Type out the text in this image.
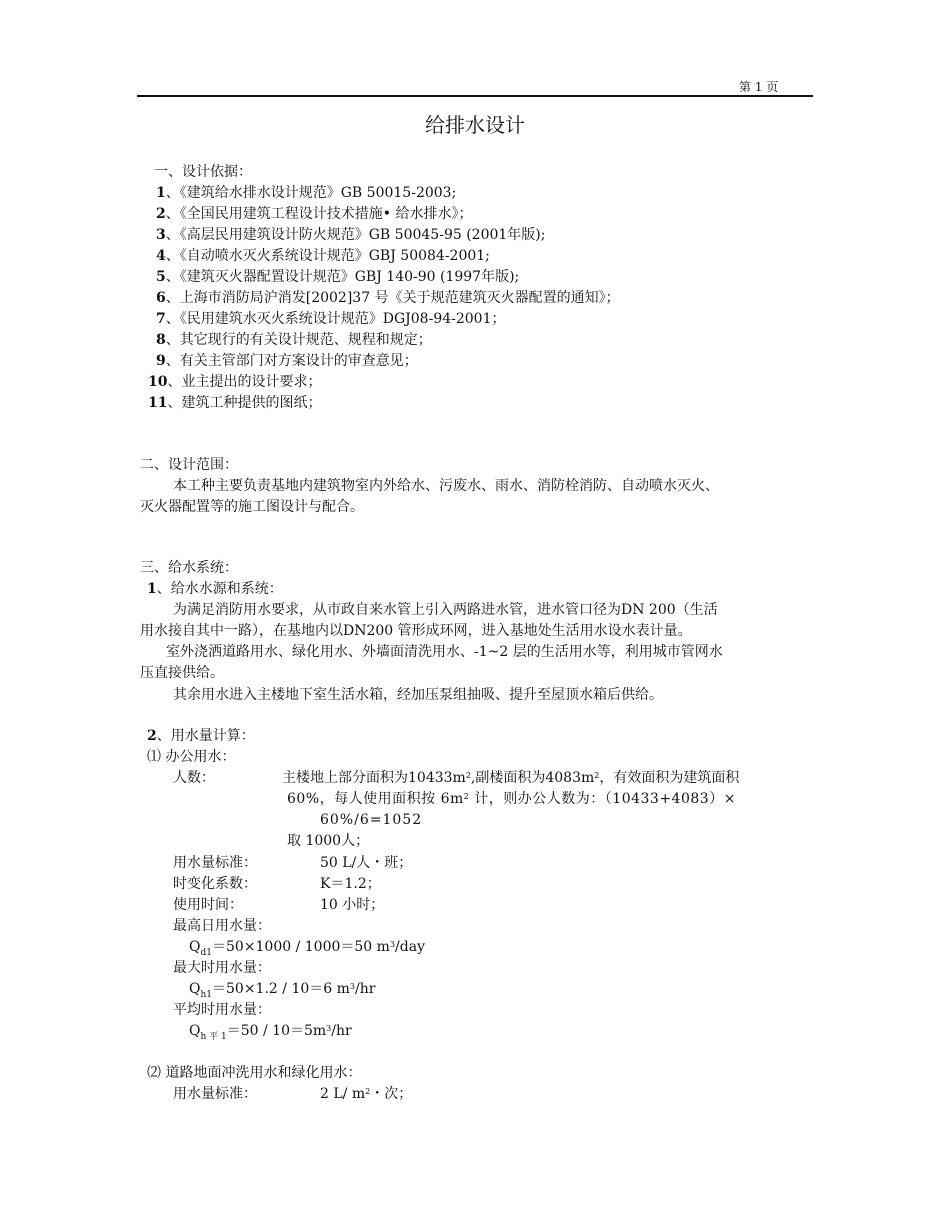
第 1 页
给排水设计
一、设计依据：
1、《建筑给水排水设计规范》GB 50015-2003;
2、《全国民用建筑工程设计技术措施• 给水排水》；
3、《高层民用建筑设计防火规范》GB 50045-95 (2001年版);
4、《自动喷水灭火系统设计规范》GBJ 50084-2001;
5、《建筑灭火器配置设计规范》GBJ 140-90 (1997年版);
6、上海市消防局沪消发[2002]37 号《关于规范建筑灭火器配置的通知》；
7、《民用建筑水灭火系统设计规范》DGJ08-94-2001；
8、其它现行的有关设计规范、规程和规定；
9、有关主管部门对方案设计的审查意见；
10、业主提出的设计要求；
11、建筑工种提供的图纸；
二、设计范围：
本工种主要负责基地内建筑物室内外给水、污废水、雨水、消防栓消防、自动喷水灭火、
灭火器配置等的施工图设计与配合。
三、给水系统：
1、给水水源和系统：
为满足消防用水要求，从市政自来水管上引入两路进水管，进水管口径为DN 200（生活
用水接自其中一路），在基地内以DN200 管形成环网，进入基地处生活用水设水表计量。
室外浇洒道路用水、绿化用水、外墙面清洗用水、-1~2 层的生活用水等，利用城市管网水
压直接供给。
其余用水进入主楼地下室生活水箱，经加压泵组抽吸、提升至屋顶水箱后供给。
2、用水量计算：
⑴ 办公用水：
人数：	主楼地上部分面积为$10433m^2$,副楼面积为$4083m^2$，有效面积为建筑面积
60%，每人使用面积按 $6m^2$ 计，则办公人数为：（10433+4083）×
60%/6=1052
取 1000人；
用水量标准：	50 L/人・班；
时变化系数：	K＝1.2；
使用时间：	10 小时；
最高日用水量：
$Q_{d1}=50\times 1000 / 1000=50$ $m^3$/day
最大时用水量：
$Q_{h1}=50\times 1.2 / 10=6$ $m^3/hr$
平均时用水量：
$Q_{h 平 1}=50 / 10=5m^3/hr$
⑵ 道路地面冲洗用水和绿化用水：
用水量标准：	2 L/ $m^2$・次；
